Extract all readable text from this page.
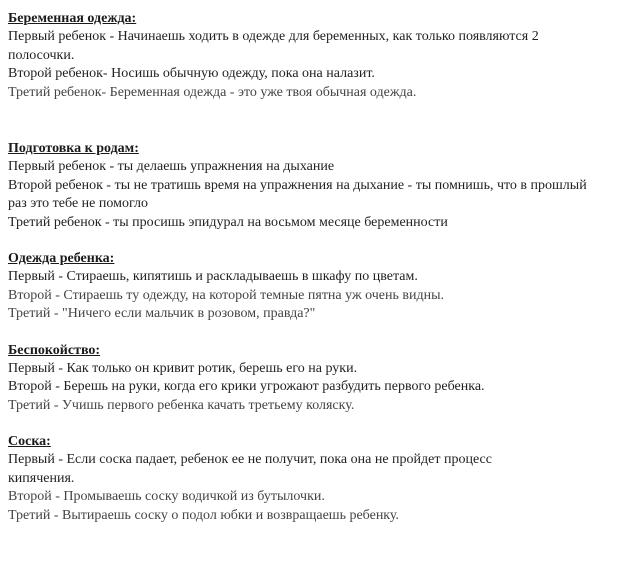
Беременная одежда:

Первый ребенок - Начинаешь ходить в одежде для беременных, как только появляются 2 полосочки.

Второй ребенок- Носишь обычную одежду, пока она налазит.

Третий ребенок- Беременная одежда - это уже твоя обычная одежда.

Подготовка к родам:

Первый ребенок - ты делаешь упражнения на дыхание

Второй ребенок - ты не тратишь время на упражнения на дыхание - ты помнишь, что в прошлый раз это тебе не помогло

Третий ребенок - ты просишь эпидурал на восьмом месяце беременности

Одежда ребенка:

Первый - Стираешь, кипятишь и раскладываешь в шкафу по цветам.

Второй - Стираешь ту одежду, на которой темные пятна уж очень видны.

Третий - "Ничего если мальчик в розовом, правда?"

Беспокойство:

Первый - Как только он кривит ротик, берешь его на руки.

Второй - Берешь на руки, когда его крики угрожают разбудить первого ребенка.

Третий - Учишь первого ребенка качать третьему коляску.

Соска:

Первый - Если соска падает, ребенок ее не получит, пока она не пройдет процесс кипячения.

Второй - Промываешь соску водичкой из бутылочки.

Третий - Вытираешь соску о подол юбки и возвращаешь ребенку.
